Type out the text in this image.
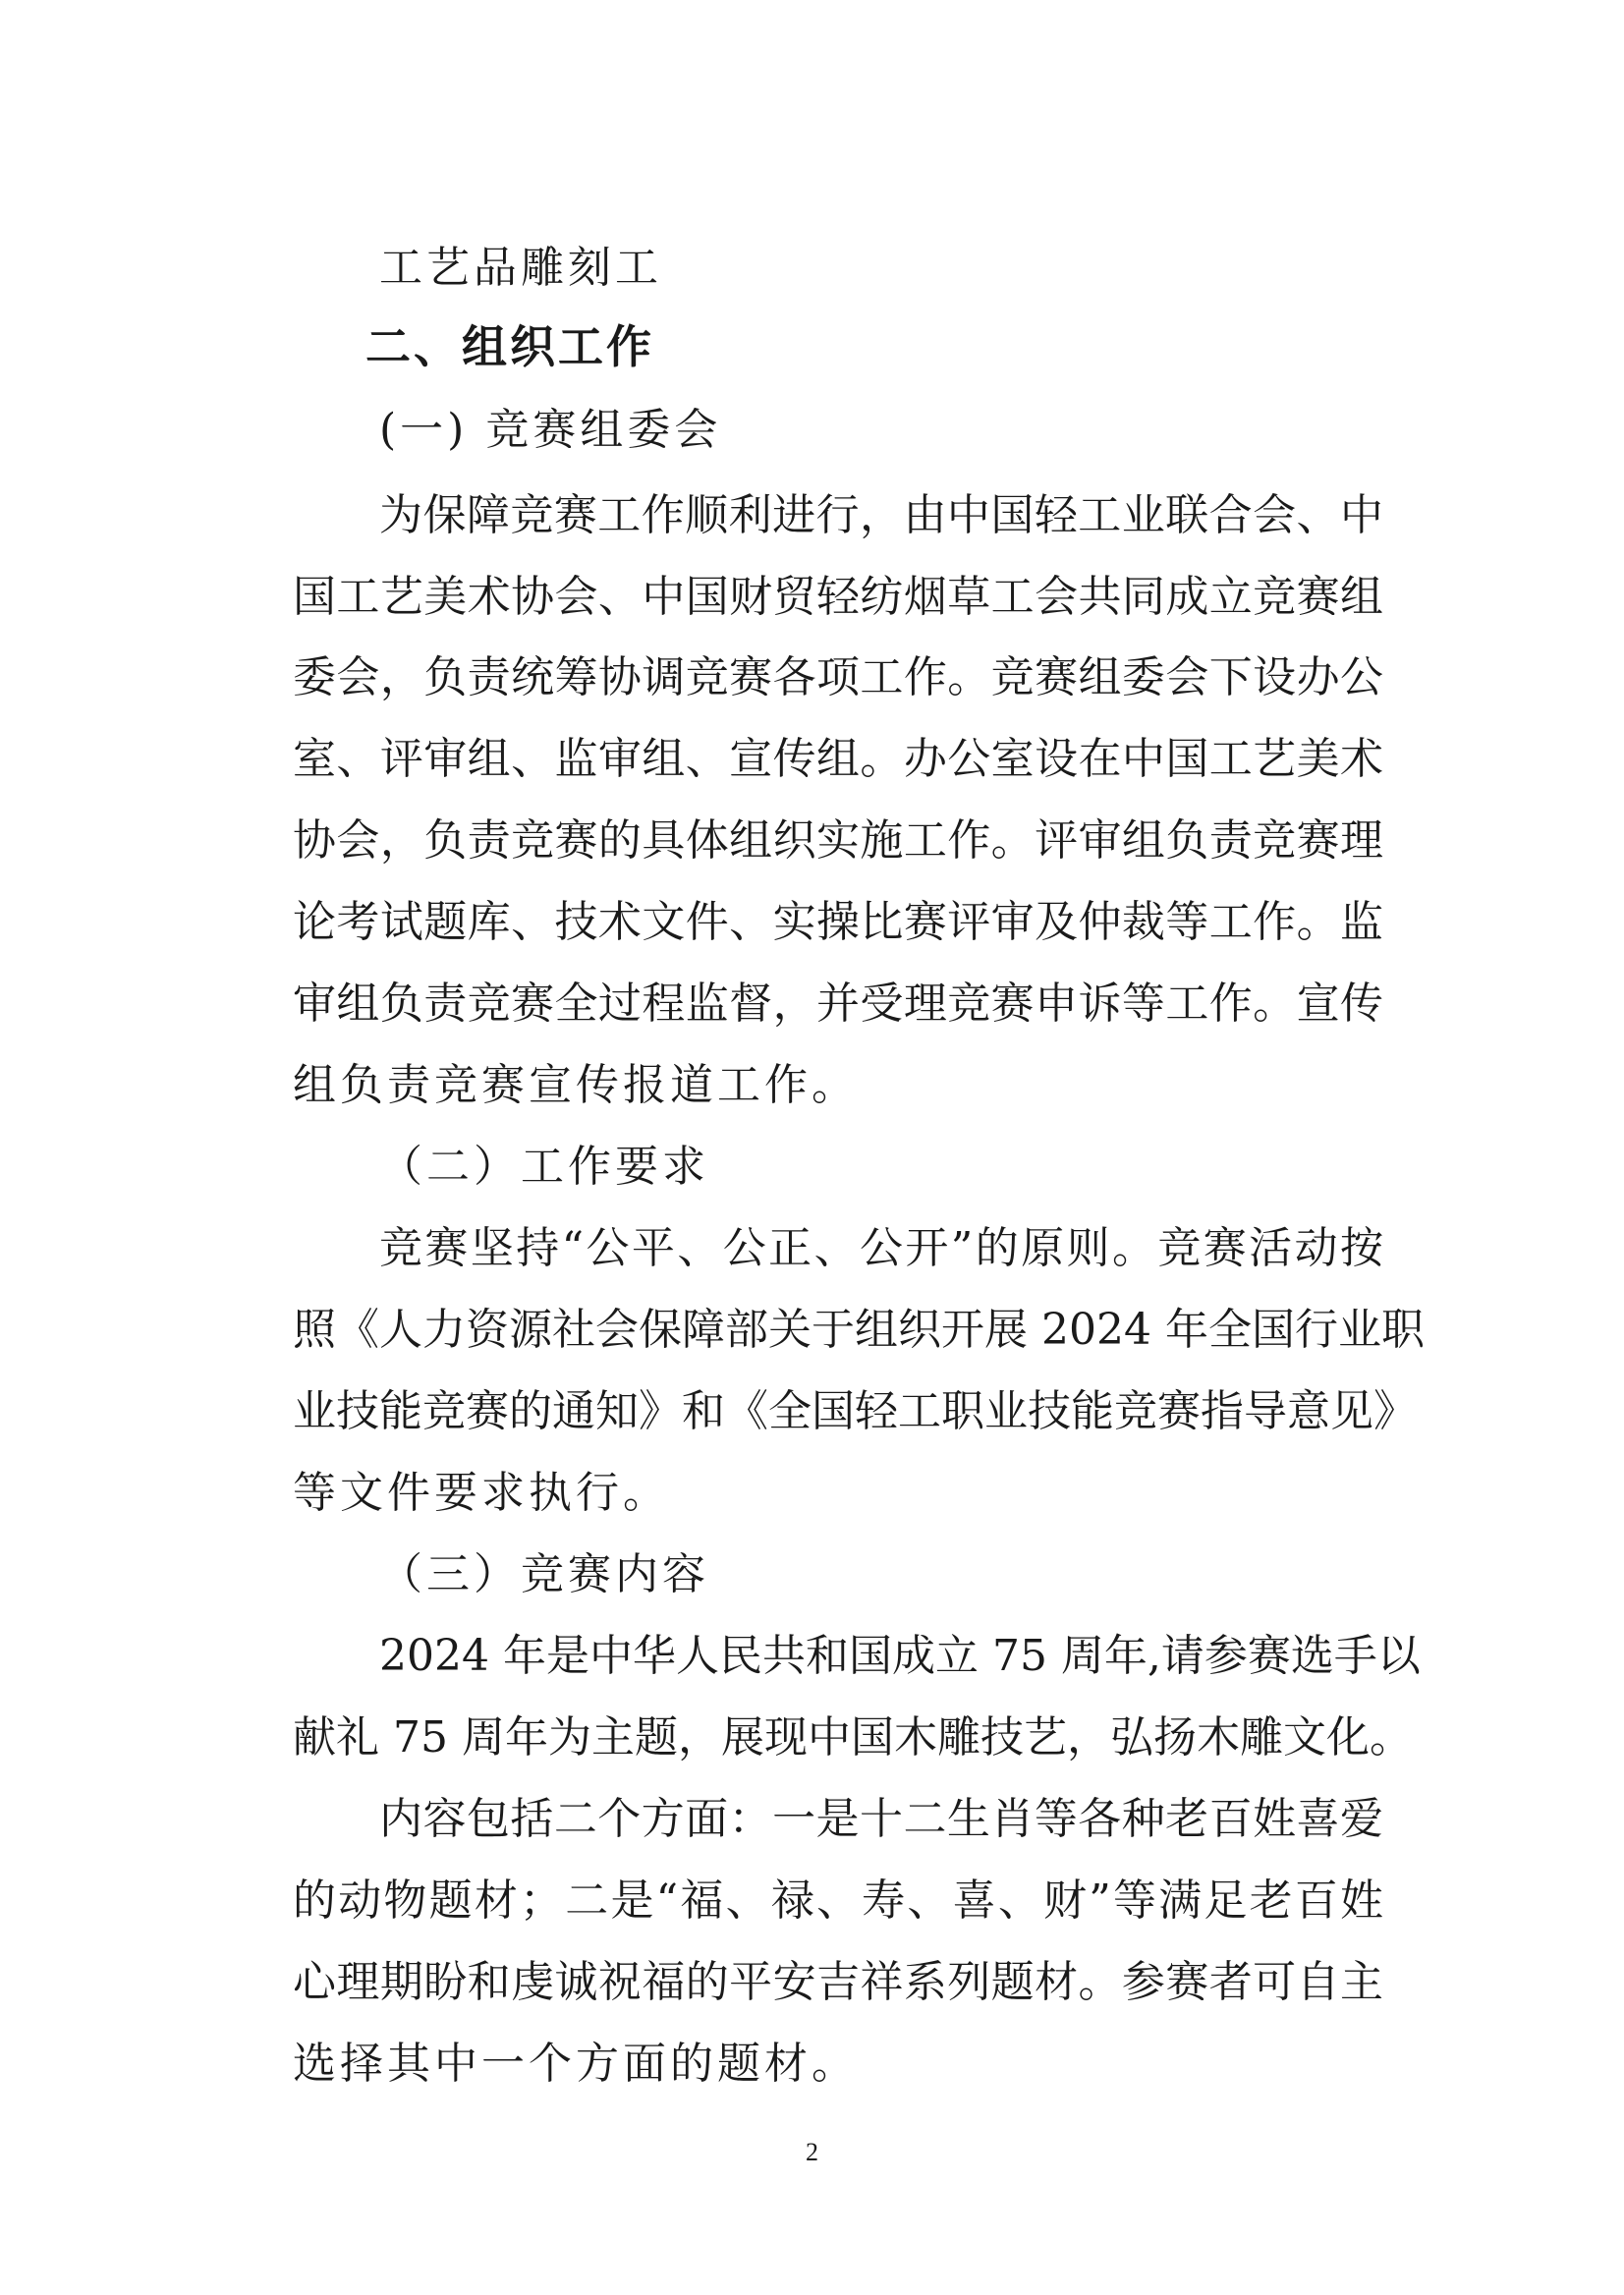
工艺品雕刻工
二、组织工作
(一) 竞赛组委会
为保障竞赛工作顺利进行，由中国轻工业联合会、中
国工艺美术协会、中国财贸轻纺烟草工会共同成立竞赛组
委会，负责统筹协调竞赛各项工作。竞赛组委会下设办公
室、评审组、监审组、宣传组。办公室设在中国工艺美术
协会，负责竞赛的具体组织实施工作。评审组负责竞赛理
论考试题库、技术文件、实操比赛评审及仲裁等工作。监
审组负责竞赛全过程监督，并受理竞赛申诉等工作。宣传
组负责竞赛宣传报道工作。
（二）工作要求
竞赛坚持“公平、公正、公开”的原则。竞赛活动按
照《人力资源社会保障部关于组织开展 2024 年全国行业职
业技能竞赛的通知》和《全国轻工职业技能竞赛指导意见》
等文件要求执行。
（三）竞赛内容
2024 年是中华人民共和国成立 75 周年,请参赛选手以
献礼 75 周年为主题，展现中国木雕技艺，弘扬木雕文化。
内容包括二个方面：一是十二生肖等各种老百姓喜爱
的动物题材；二是“福、禄、寿、喜、财”等满足老百姓
心理期盼和虔诚祝福的平安吉祥系列题材。参赛者可自主
选择其中一个方面的题材。
2
